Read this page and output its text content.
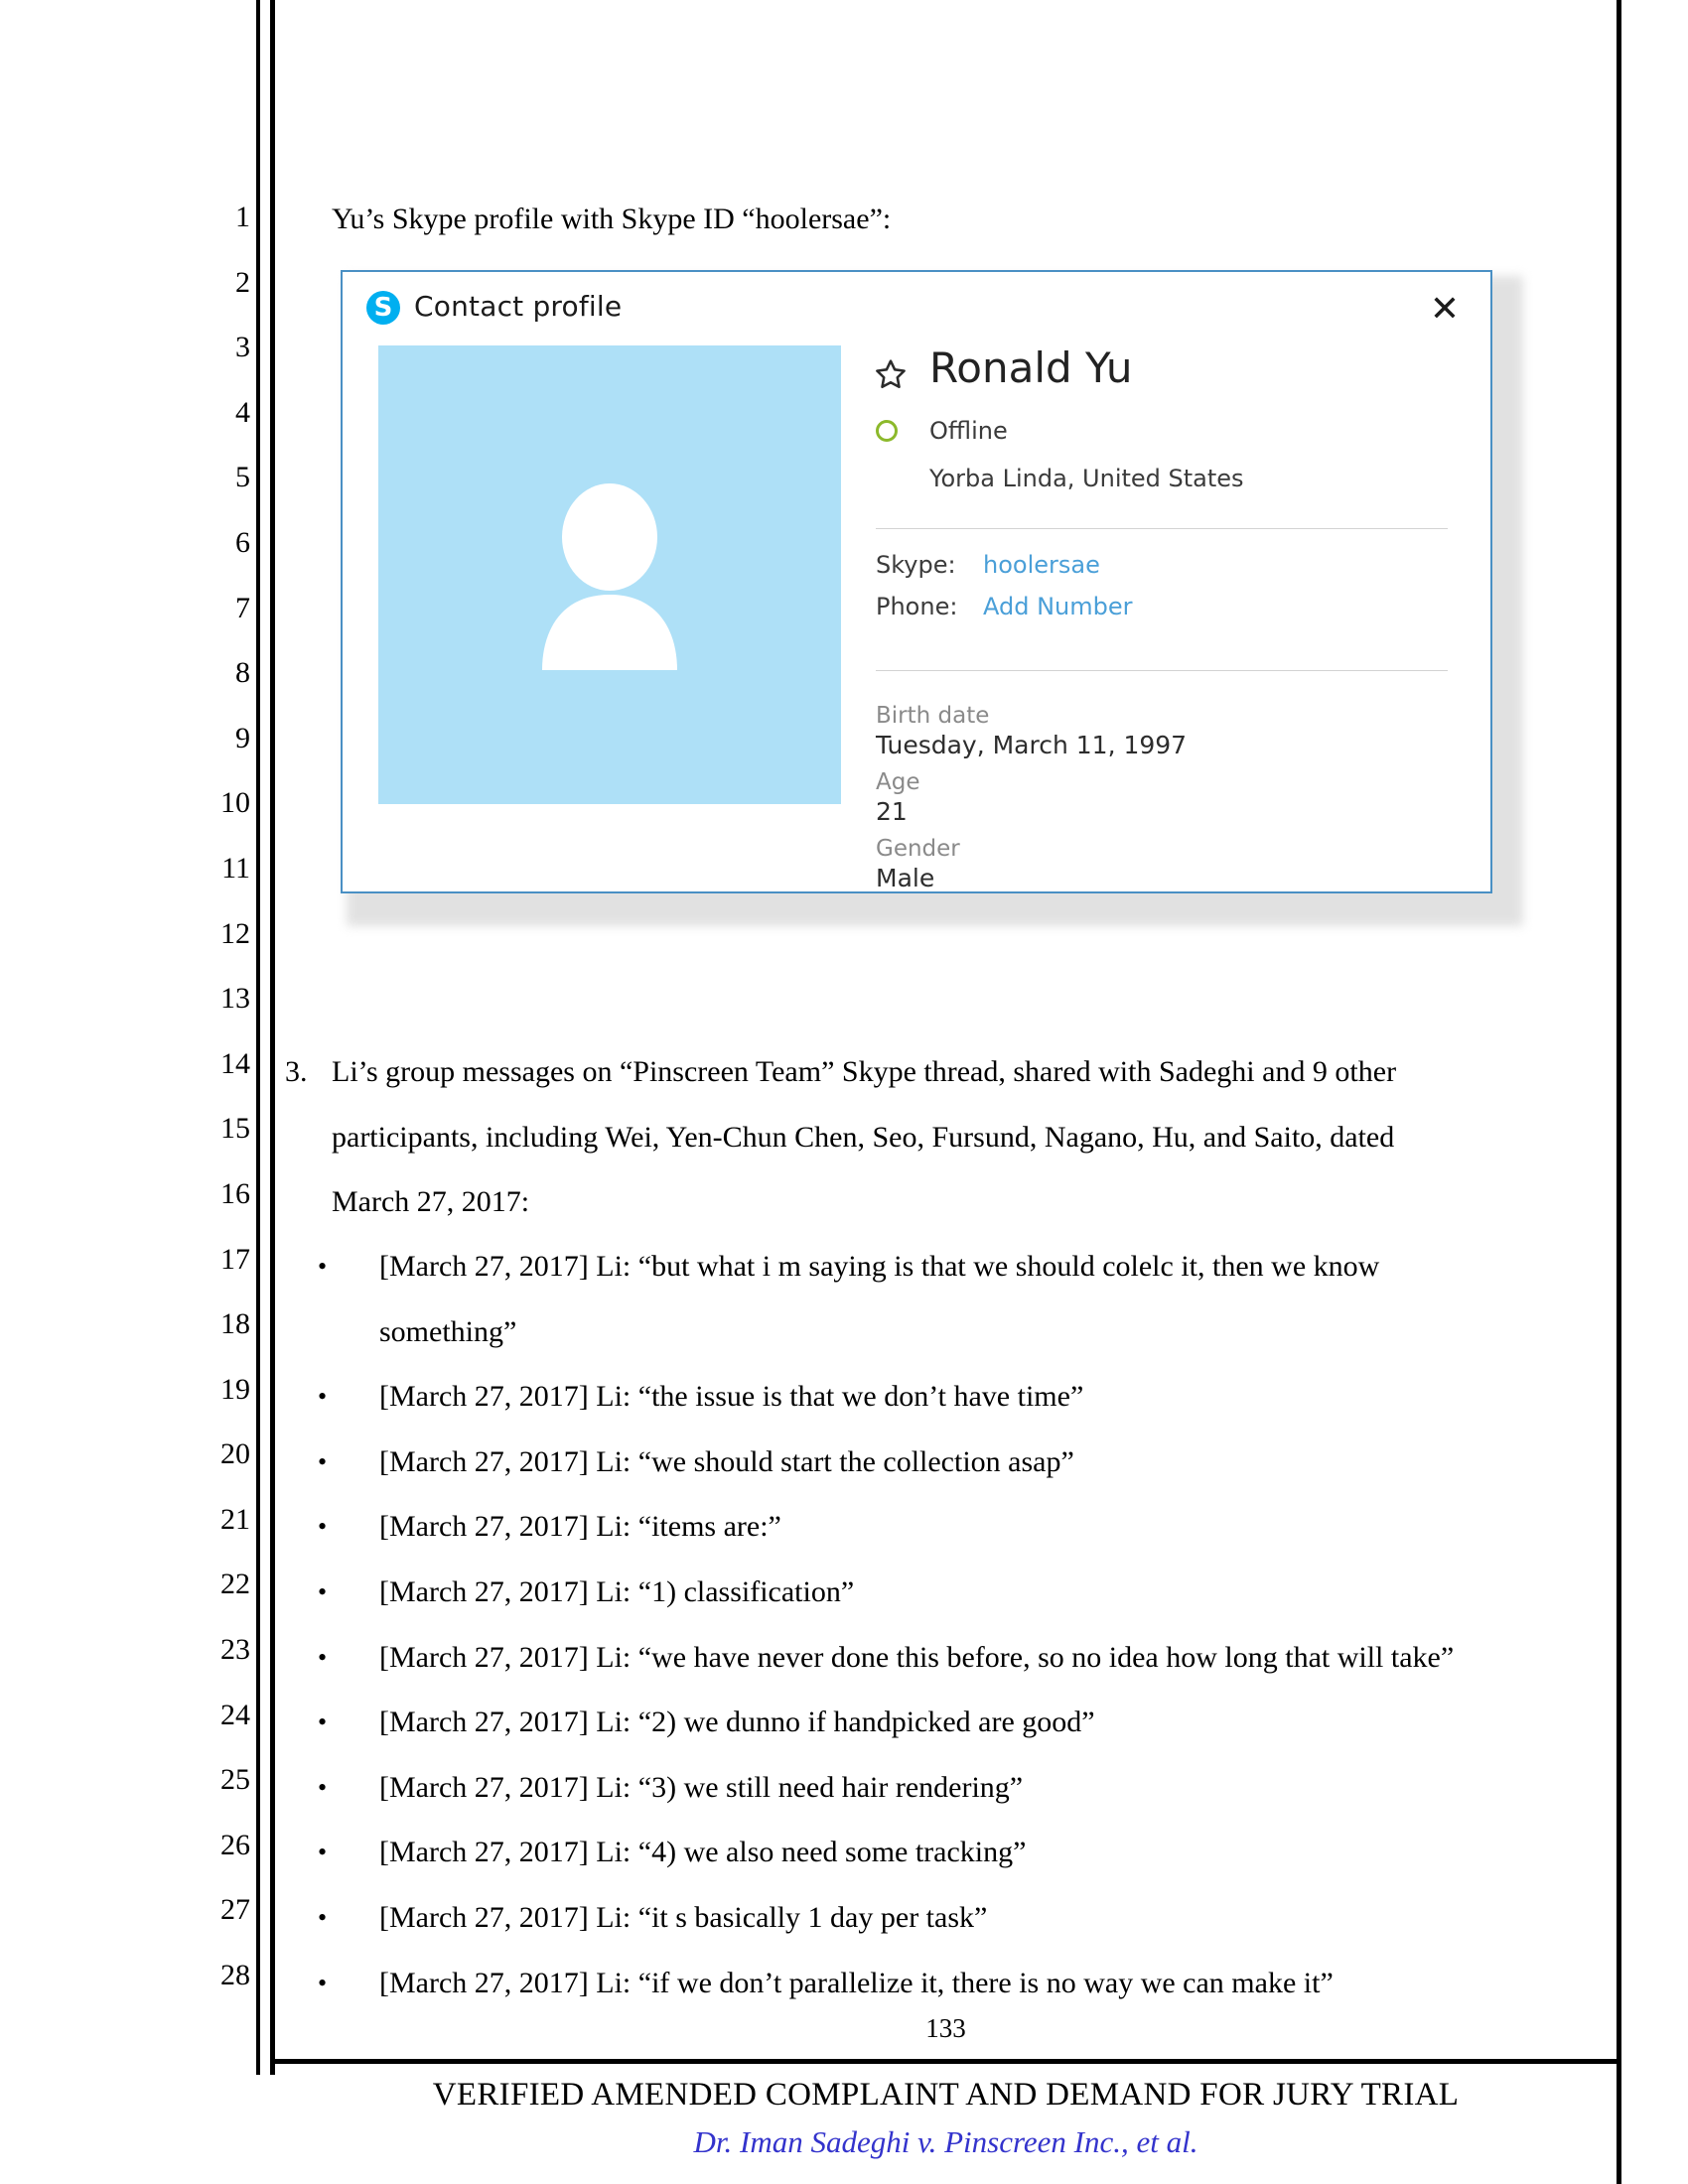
1
2
3
4
5
6
7
8
9
10
11
12
13
14
15
16
17
18
19
20
21
22
23
24
25
26
27
28

Yu’s Skype profile with Skype ID “hoolersae”:

S Contact profile	✕
Ronald Yu
Offline
Yorba Linda, United States
Skype: hoolersae
Phone: Add Number
Birth date
Tuesday, March 11, 1997
Age
21
Gender
Male
3. Li’s group messages on “Pinscreen Team” Skype thread, shared with Sadeghi and 9 other
participants, including Wei, Yen-Chun Chen, Seo, Fursund, Nagano, Hu, and Saito, dated
March 27, 2017:
• [March 27, 2017] Li: “but what i m saying is that we should colelc it, then we know
something”
• [March 27, 2017] Li: “the issue is that we don’t have time”
• [March 27, 2017] Li: “we should start the collection asap”
• [March 27, 2017] Li: “items are:”
• [March 27, 2017] Li: “1) classification”
• [March 27, 2017] Li: “we have never done this before, so no idea how long that will take”
• [March 27, 2017] Li: “2) we dunno if handpicked are good”
• [March 27, 2017] Li: “3) we still need hair rendering”
• [March 27, 2017] Li: “4) we also need some tracking”
• [March 27, 2017] Li: “it s basically 1 day per task”
• [March 27, 2017] Li: “if we don’t parallelize it, there is no way we can make it”
133
VERIFIED AMENDED COMPLAINT AND DEMAND FOR JURY TRIAL
Dr. Iman Sadeghi v. Pinscreen Inc., et al.
